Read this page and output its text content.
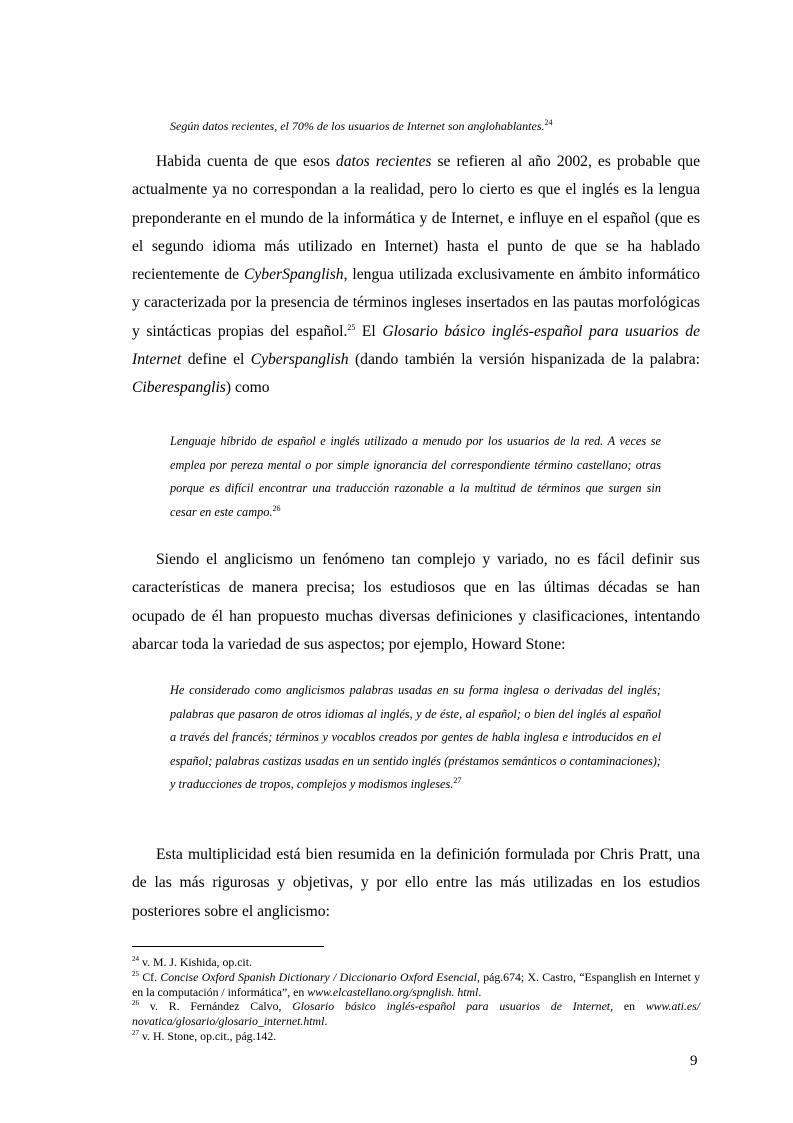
Según datos recientes, el 70% de los usuarios de Internet son anglohablantes.$^{24}$

Habida cuenta de que esos datos recientes se refieren al año 2002, es probable que actualmente ya no correspondan a la realidad, pero lo cierto es que el inglés es la lengua preponderante en el mundo de la informática y de Internet, e influye en el español (que es el segundo idioma más utilizado en Internet) hasta el punto de que se ha hablado recientemente de CyberSpanglish, lengua utilizada exclusivamente en ámbito informático y caracterizada por la presencia de términos ingleses insertados en las pautas morfológicas y sintácticas propias del español.$^{25}$ El Glosario básico inglés-español para usuarios de Internet define el Cyberspanglish (dando también la versión hispanizada de la palabra: Ciberespanglis) como

Lenguaje híbrido de español e inglés utilizado a menudo por los usuarios de la red. A veces se emplea por pereza mental o por simple ignorancia del correspondiente término castellano; otras porque es difícil encontrar una traducción razonable a la multitud de términos que surgen sin cesar en este campo.$^{26}$

Siendo el anglicismo un fenómeno tan complejo y variado, no es fácil definir sus características de manera precisa; los estudiosos que en las últimas décadas se han ocupado de él han propuesto muchas diversas definiciones y clasificaciones, intentando abarcar toda la variedad de sus aspectos; por ejemplo, Howard Stone:

He considerado como anglicismos palabras usadas en su forma inglesa o derivadas del inglés; palabras que pasaron de otros idiomas al inglés, y de éste, al español; o bien del inglés al español a través del francés; términos y vocablos creados por gentes de habla inglesa e introducidos en el español; palabras castizas usadas en un sentido inglés (préstamos semánticos o contaminaciones); y traducciones de tropos, complejos y modismos ingleses.$^{27}$

Esta multiplicidad está bien resumida en la definición formulada por Chris Pratt, una de las más rigurosas y objetivas, y por ello entre las más utilizadas en los estudios posteriores sobre el anglicismo:

$^{24}$ v. M. J. Kishida, op.cit.

$^{25}$ Cf. Concise Oxford Spanish Dictionary / Diccionario Oxford Esencial, pág.674; X. Castro, “Espanglish en Internet y en la computación / informática”, en www.elcastellano.org/spnglish. html.

$^{26}$ v. R. Fernández Calvo, Glosario básico inglés-español para usuarios de Internet, en www.ati.es/ novatica/glosario/glosario_internet.html.

$^{27}$ v. H. Stone, op.cit., pág.142.

9
